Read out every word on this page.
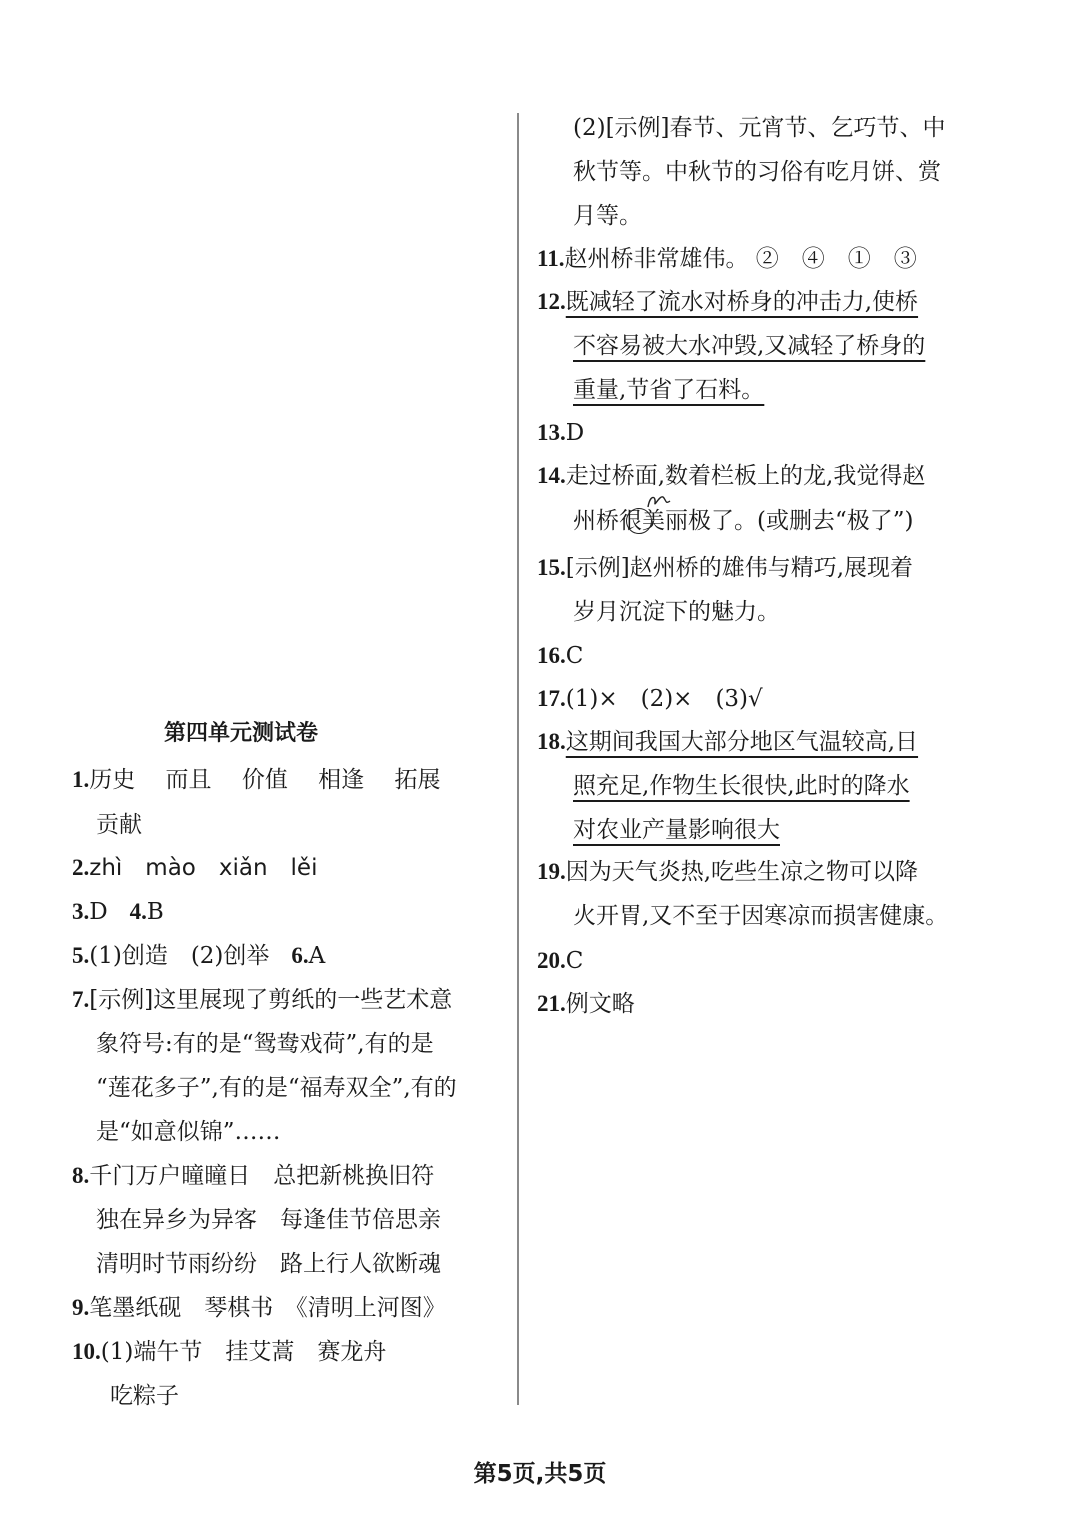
第四单元测试卷
1.历史　 而且　 价值　 相逢　 拓展
贡献
2.zhì　mào　xiǎn　lěi
3.D 4.B
5.(1)创造　(2)创举 6.A
7.[示例]这里展现了剪纸的一些艺术意
象符号:有的是“鸳鸯戏荷”,有的是
“莲花多子”,有的是“福寿双全”,有的
是“如意似锦”……
8.千门万户曈曈日　总把新桃换旧符
独在异乡为异客　每逢佳节倍思亲
清明时节雨纷纷　路上行人欲断魂
9.笔墨纸砚　琴棋书　《清明上河图》
10.(1)端午节　挂艾蒿　赛龙舟
吃粽子
(2)[示例]春节、元宵节、乞巧节、中
秋节等。中秋节的习俗有吃月饼、赏
月等。
11.赵州桥非常雄伟。 ②　④　①　③
12.既减轻了流水对桥身的冲击力,使桥
不容易被大水冲毁,又减轻了桥身的
重量,节省了石料。
13.D
14.走过桥面,数着栏板上的龙,我觉得赵
州桥很美丽极了。(或删去“极了”)
15.[示例]赵州桥的雄伟与精巧,展现着
岁月沉淀下的魅力。
16.C
17.(1)×　(2)×　(3)√
18.这期间我国大部分地区气温较高,日
照充足,作物生长很快,此时的降水
对农业产量影响很大
19.因为天气炎热,吃些生凉之物可以降
火开胃,又不至于因寒凉而损害健康。
20.C
21.例文略
第5页,共5页
